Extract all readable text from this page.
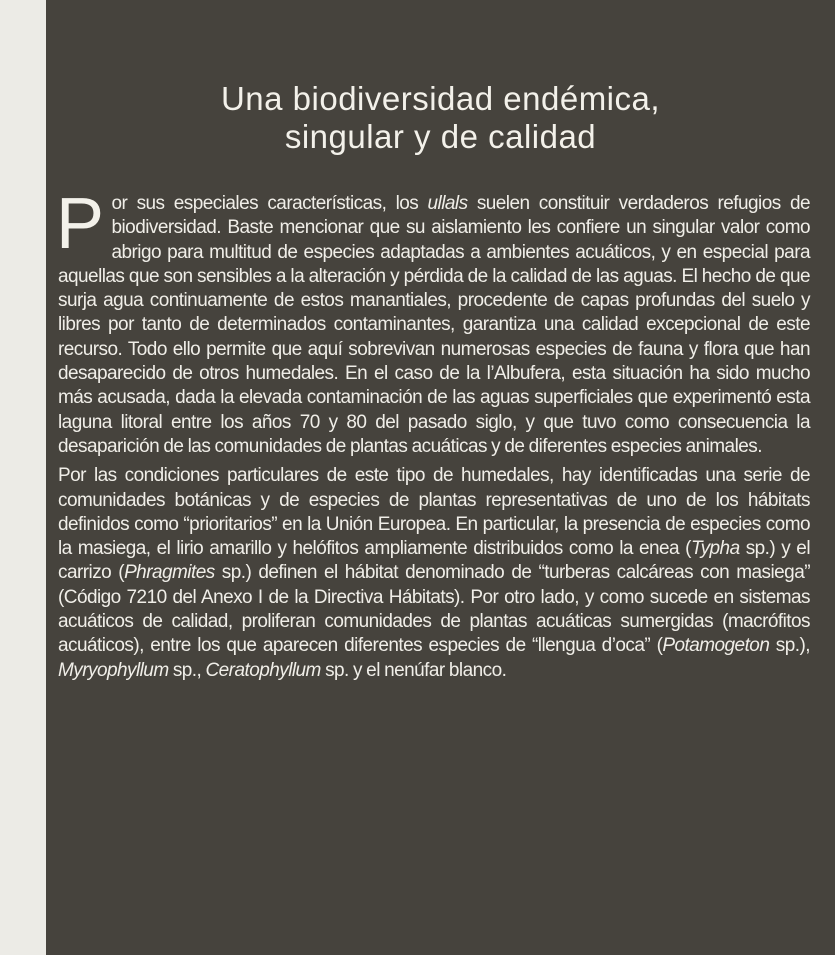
Una biodiversidad endémica,
singular y de calidad

Por sus especiales características, los ullals suelen constituir verdaderos refugios de biodiversidad. Baste mencionar que su aislamiento les confiere un singular valor como abrigo para multitud de especies adaptadas a ambientes acuáticos, y en especial para aquellas que son sensibles a la alteración y pérdida de la calidad de las aguas. El hecho de que surja agua continuamente de estos manantiales, procedente de capas profundas del suelo y libres por tanto de determinados contaminantes, garantiza una calidad excepcional de este recurso. Todo ello permite que aquí sobrevivan numerosas especies de fauna y flora que han desaparecido de otros humedales. En el caso de la l’Albufera, esta situación ha sido mucho más acusada, dada la elevada contaminación de las aguas superficiales que experimentó esta laguna litoral entre los años 70 y 80 del pasado siglo, y que tuvo como consecuencia la desaparición de las comunidades de plantas acuáticas y de diferentes especies animales.

Por las condiciones particulares de este tipo de humedales, hay identificadas una serie de comunidades botánicas y de especies de plantas representativas de uno de los hábitats definidos como “prioritarios” en la Unión Europea. En particular, la presencia de especies como la masiega, el lirio amarillo y helófitos ampliamente distribuidos como la enea (Typha sp.) y el carrizo (Phragmites sp.) definen el hábitat denominado de “turberas calcáreas con masiega” (Código 7210 del Anexo I de la Directiva Hábitats). Por otro lado, y como sucede en sistemas acuáticos de calidad, proliferan comunidades de plantas acuáticas sumergidas (macrófitos acuáticos), entre los que aparecen diferentes especies de “llengua d’oca” (Potamogeton sp.), Myryophyllum sp., Ceratophyllum sp. y el nenúfar blanco.
